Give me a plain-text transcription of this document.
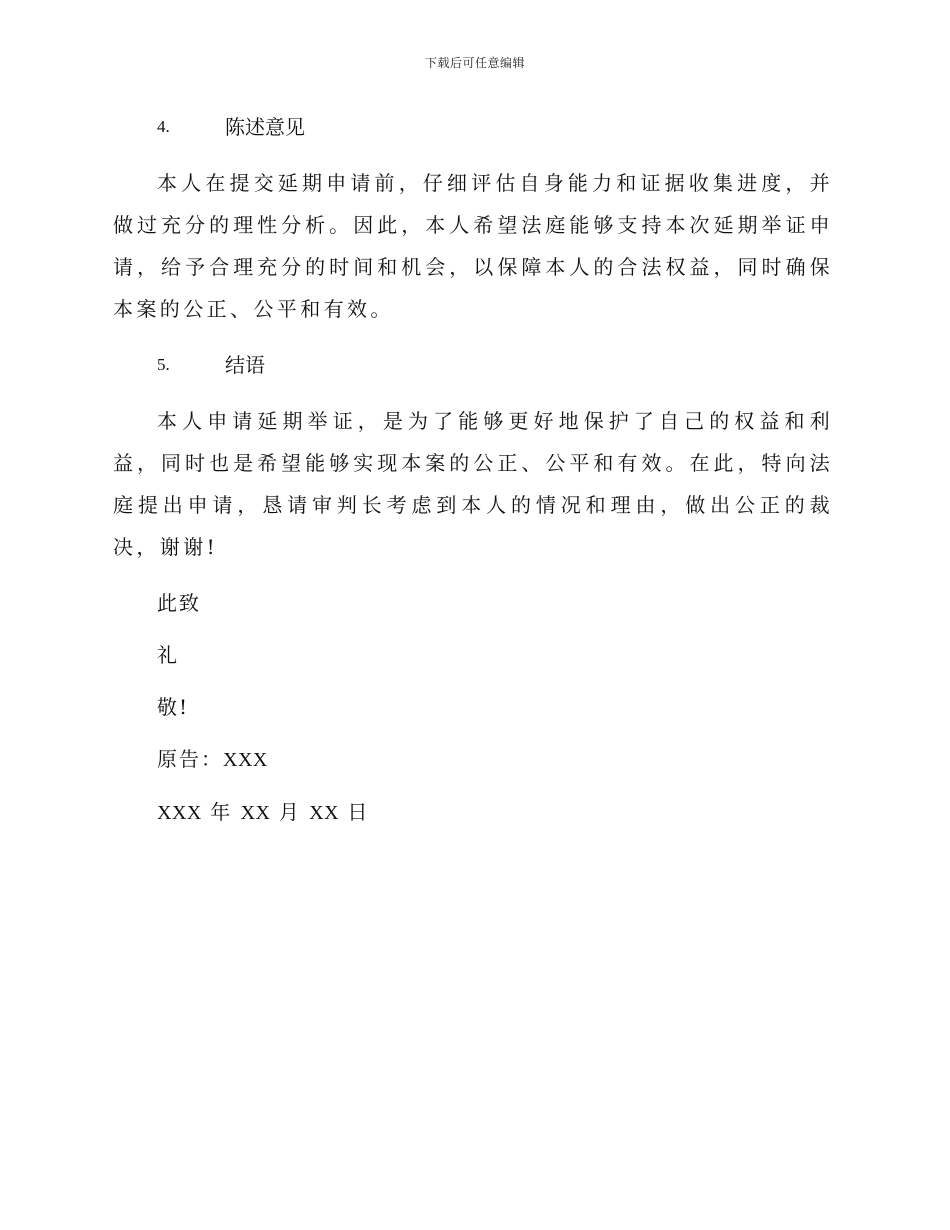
下载后可任意编辑
4.	陈述意见

本人在提交延期申请前，仔细评估自身能力和证据收集进度，并做过充分的理性分析。因此，本人希望法庭能够支持本次延期举证申请，给予合理充分的时间和机会，以保障本人的合法权益，同时确保本案的公正、公平和有效。

5.	结语

本人申请延期举证，是为了能够更好地保护了自己的权益和利益，同时也是希望能够实现本案的公正、公平和有效。在此，特向法庭提出申请，恳请审判长考虑到本人的情况和理由，做出公正的裁决，谢谢!

此致
礼
敬!
原告：XXX
XXX 年 XX 月 XX 日
